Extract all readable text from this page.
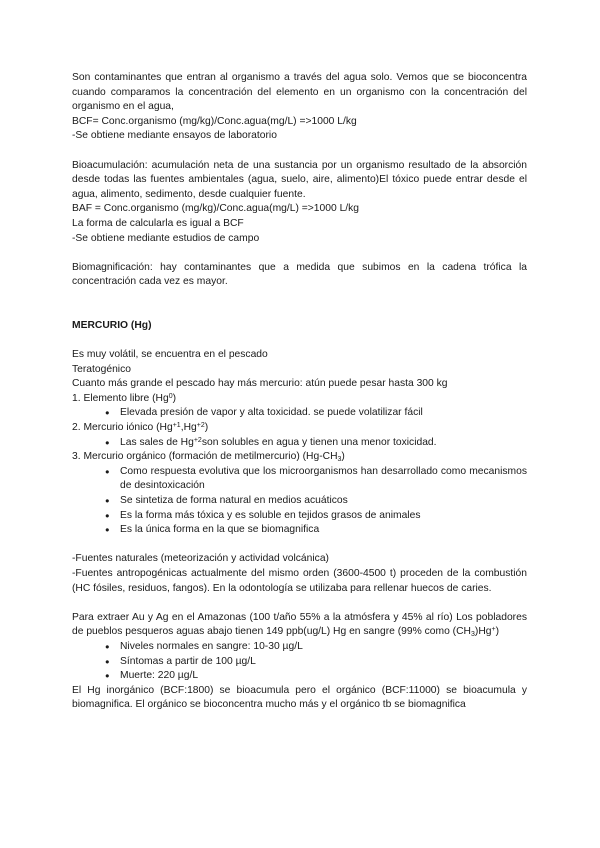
Son contaminantes que entran al organismo a través del agua solo. Vemos que se bioconcentra cuando comparamos la concentración del elemento en un organismo con la concentración del organismo en el agua,

BCF= Conc.organismo (mg/kg)/Conc.agua(mg/L) =>1000 L/kg

-Se obtiene mediante ensayos de laboratorio

Bioacumulación: acumulación neta de una sustancia por un organismo resultado de la absorción desde todas las fuentes ambientales (agua, suelo, aire, alimento)El tóxico puede entrar desde el agua, alimento, sedimento, desde cualquier fuente.

BAF = Conc.organismo (mg/kg)/Conc.agua(mg/L) =>1000 L/kg

La forma de calcularla es igual a BCF

-Se obtiene mediante estudios de campo

Biomagnificación: hay contaminantes que a medida que subimos en la cadena trófica la concentración cada vez es mayor.

MERCURIO (Hg)

Es muy volátil, se encuentra en el pescado

Teratogénico

Cuanto más grande el pescado hay más mercurio: atún puede pesar hasta 300 kg

1. Elemento libre (Hg$^0$)

● Elevada presión de vapor y alta toxicidad. se puede volatilizar fácil

2. Mercurio iónico $(Hg^{+1},Hg^{+2})$

● Las sales de $Hg^{+2}son$ solubles en agua y tienen una menor toxicidad.

3. Mercurio orgánico (formación de metilmercurio) $(Hg-CH_3)$

● Como respuesta evolutiva que los microorganismos han desarrollado como mecanismos de desintoxicación
● Se sintetiza de forma natural en medios acuáticos
● Es la forma más tóxica y es soluble en tejidos grasos de animales
● Es la única forma en la que se biomagnifica

-Fuentes naturales (meteorización y actividad volcánica)

-Fuentes antropogénicas actualmente del mismo orden (3600-4500 t) proceden de la combustión (HC fósiles, residuos, fangos). En la odontología se utilizaba para rellenar huecos de caries.

Para extraer Au y Ag en el Amazonas (100 t/año 55% a la atmósfera y 45% al río) Los pobladores de pueblos pesqueros aguas abajo tienen 149 ppb(ug/L) Hg en sangre (99% como $(CH_3)Hg^+$)

● Niveles normales en sangre: 10-30 µg/L
● Síntomas a partir de 100 µg/L
● Muerte: 220 µg/L

El Hg inorgánico (BCF:1800) se bioacumula pero el orgánico (BCF:11000) se bioacumula y biomagnifica. El orgánico se bioconcentra mucho más y el orgánico tb se biomagnifica
